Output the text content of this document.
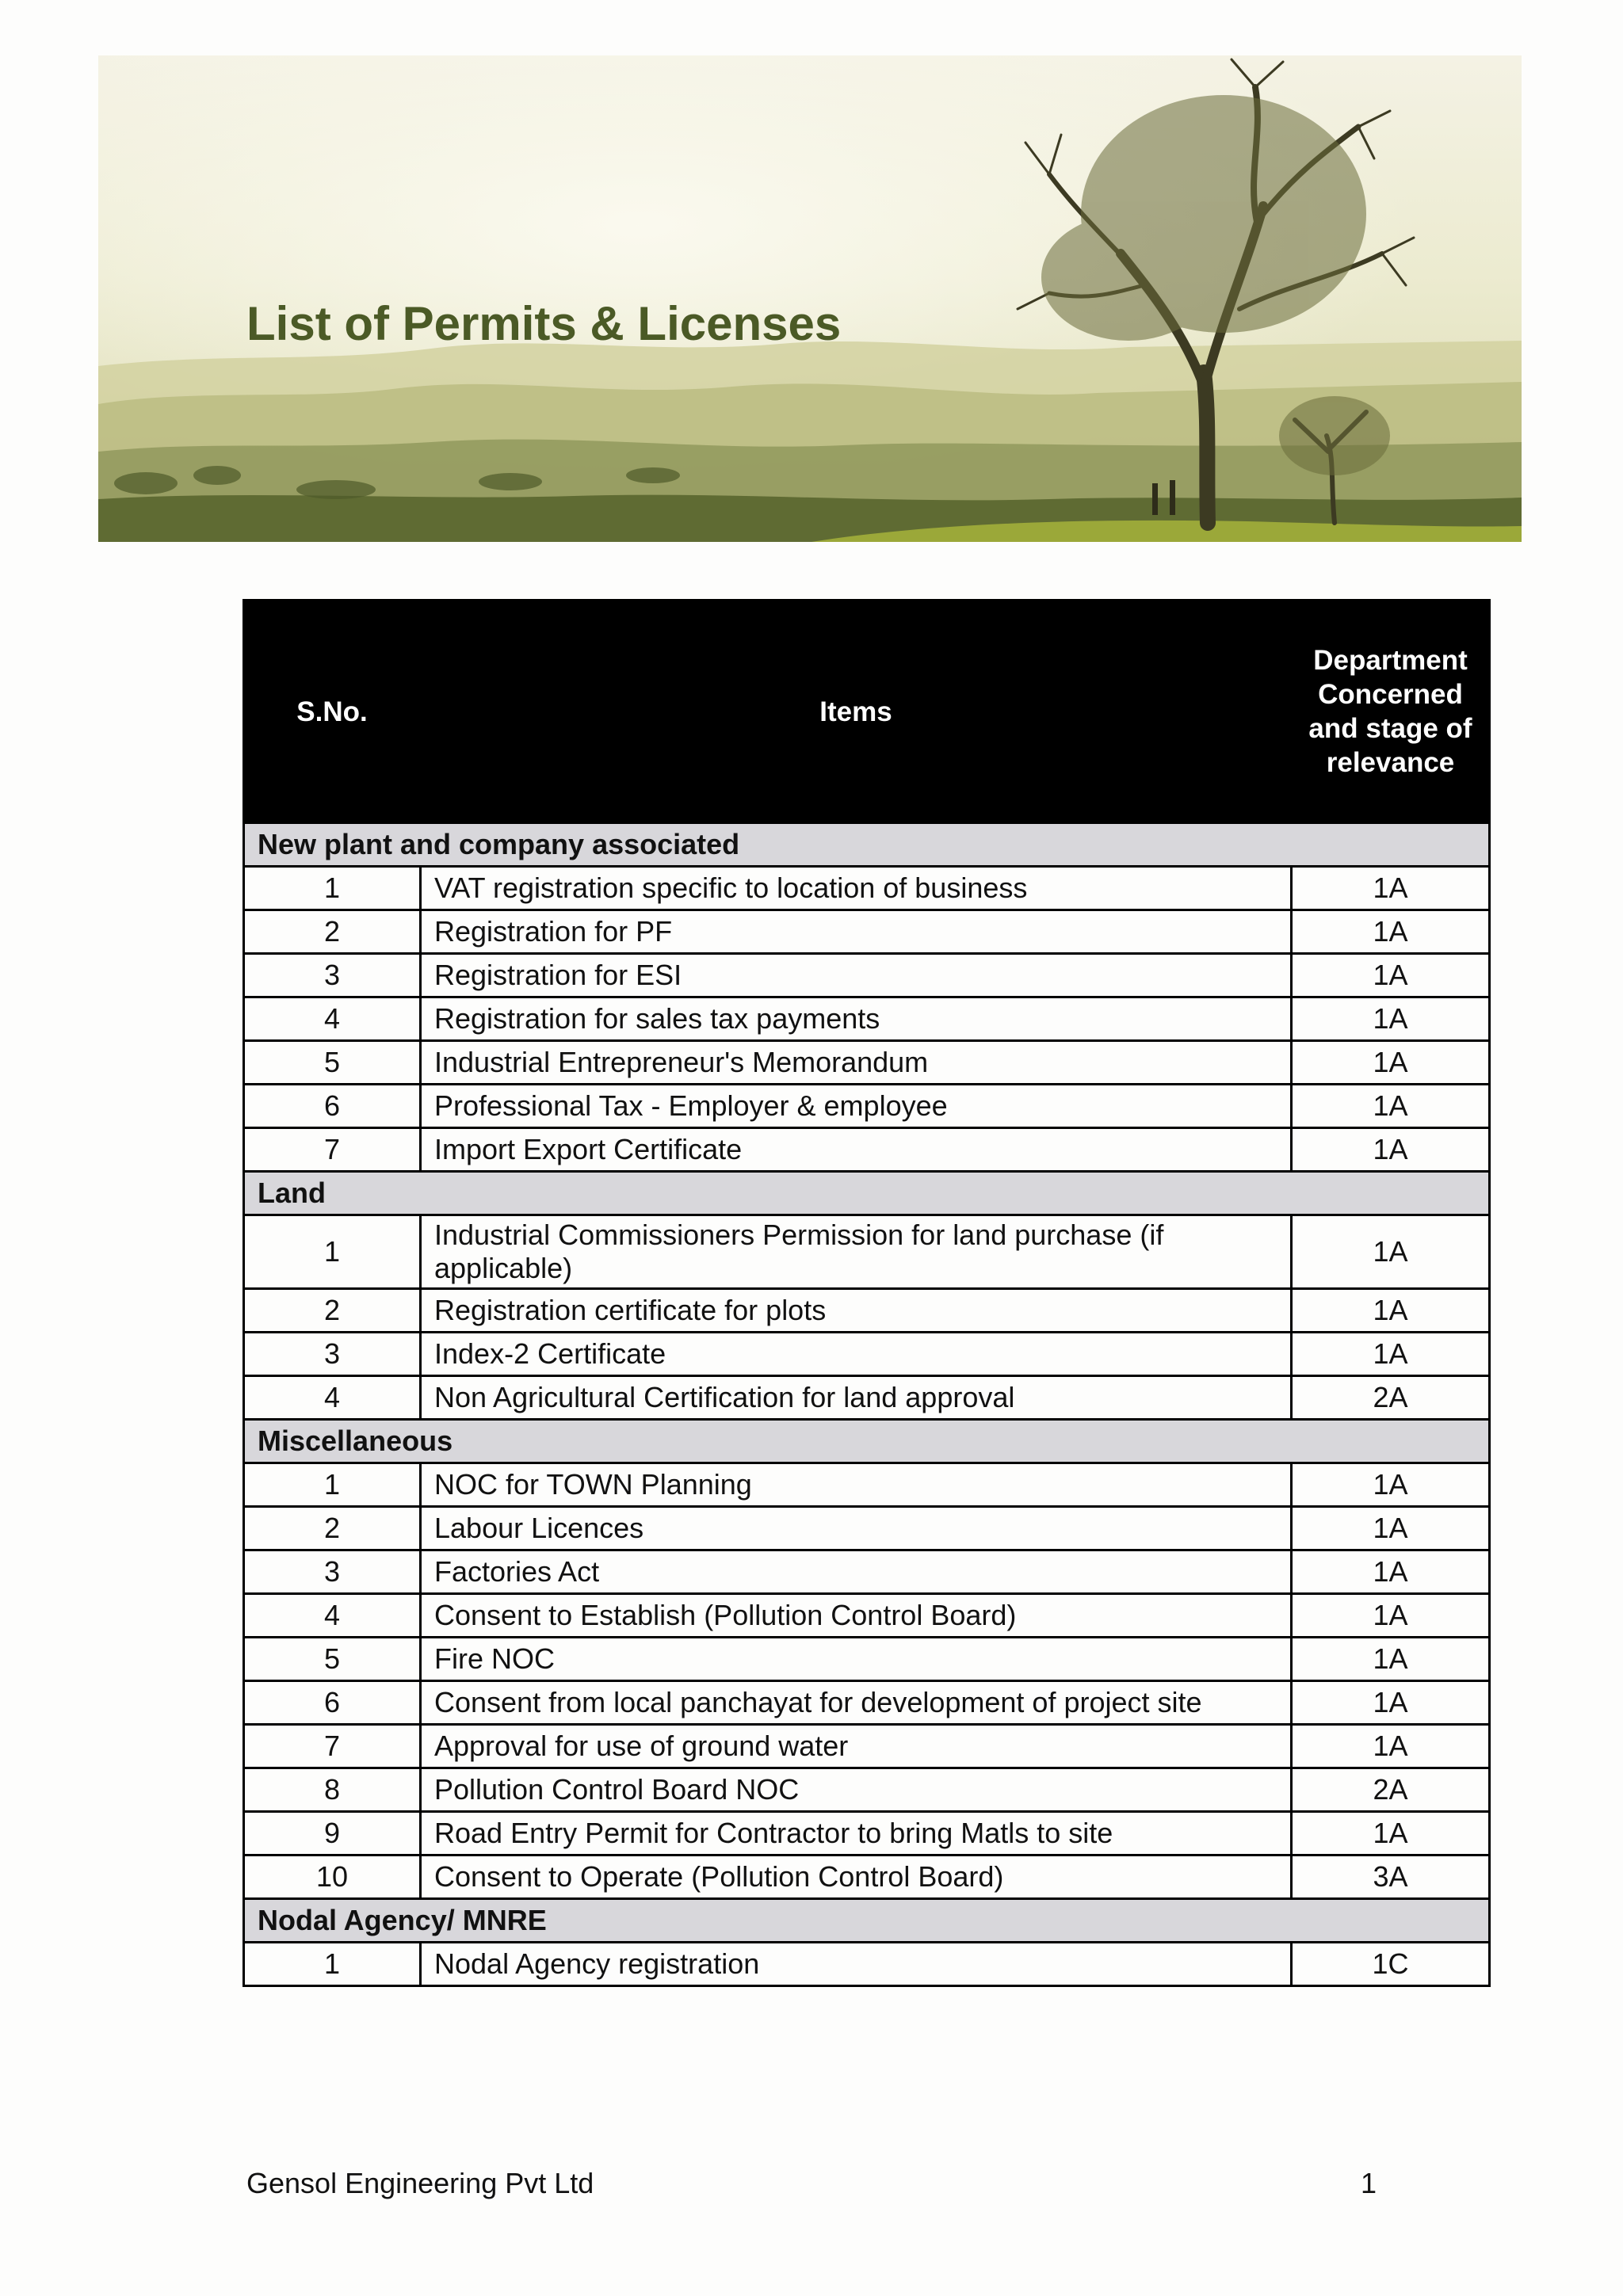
List of Permits & Licenses
S.No.	Items	Department Concerned and stage of relevance
New plant and company associated		
1	VAT registration specific to location of business	1A
2	Registration for PF	1A
3	Registration for ESI	1A
4	Registration for sales tax payments	1A
5	Industrial Entrepreneur's Memorandum	1A
6	Professional Tax - Employer & employee	1A
7	Import Export Certificate	1A
Land		
1	Industrial Commissioners Permission for land purchase (if applicable)	1A
2	Registration certificate for plots	1A
3	Index-2 Certificate	1A
4	Non Agricultural Certification for land approval	2A
Miscellaneous		
1	NOC for TOWN Planning	1A
2	Labour Licences	1A
3	Factories Act	1A
4	Consent to Establish (Pollution Control Board)	1A
5	Fire NOC	1A
6	Consent from local panchayat for development of project site	1A
7	Approval for use of ground water	1A
8	Pollution Control Board NOC	2A
9	Road Entry Permit for Contractor to bring Matls to site	1A
10	Consent to Operate (Pollution Control Board)	3A
Nodal Agency/ MNRE		
1	Nodal Agency registration	1C
Gensol Engineering Pvt Ltd	1
